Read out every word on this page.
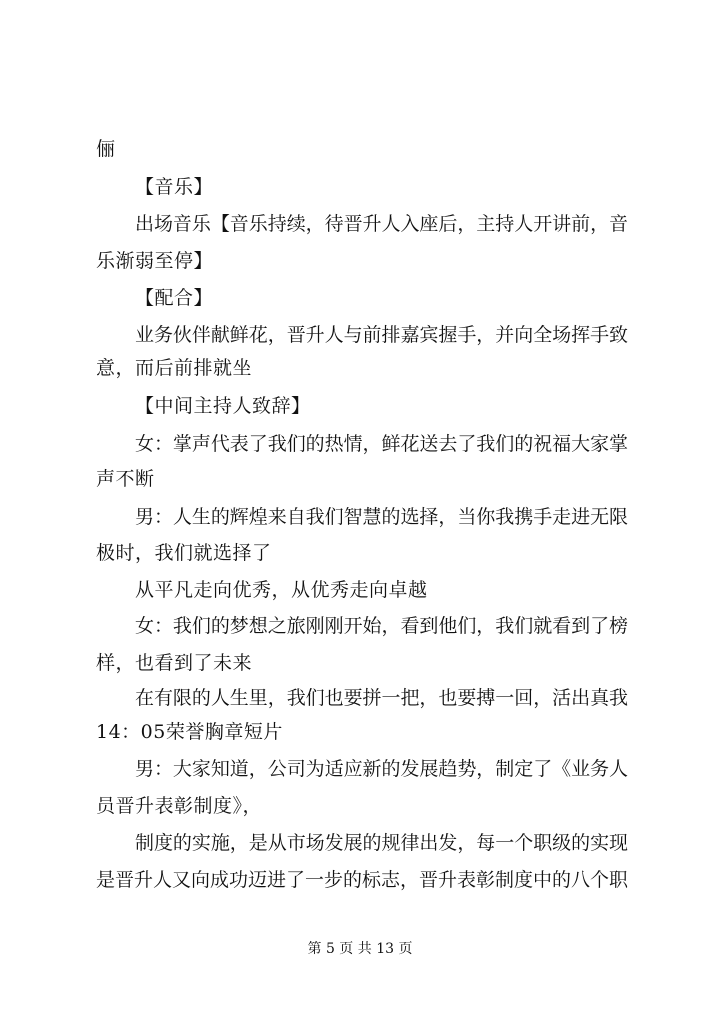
俪
【音乐】
出场音乐【音乐持续，待晋升人入座后，主持人开讲前，音
乐渐弱至停】
【配合】
业务伙伴献鲜花，晋升人与前排嘉宾握手，并向全场挥手致
意，而后前排就坐
【中间主持人致辞】
女：掌声代表了我们的热情，鲜花送去了我们的祝福大家掌
声不断
男：人生的辉煌来自我们智慧的选择，当你我携手走进无限
极时，我们就选择了
从平凡走向优秀，从优秀走向卓越
女：我们的梦想之旅刚刚开始，看到他们，我们就看到了榜
样，也看到了未来
在有限的人生里，我们也要拼一把，也要搏一回，活出真我
14：05荣誉胸章短片
男：大家知道，公司为适应新的发展趋势，制定了《业务人
员晋升表彰制度》，
制度的实施，是从市场发展的规律出发，每一个职级的实现
是晋升人又向成功迈进了一步的标志，晋升表彰制度中的八个职
第 5 页 共 13 页
